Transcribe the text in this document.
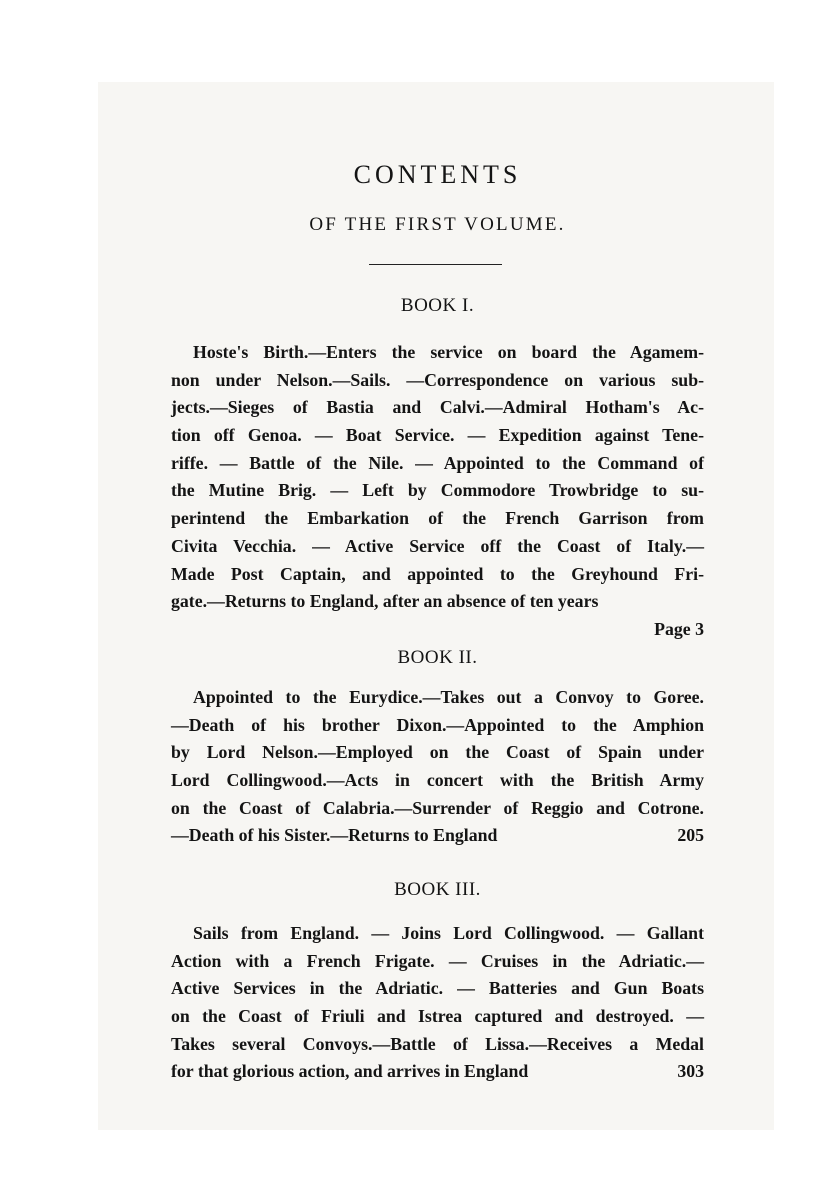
CONTENTS
OF THE FIRST VOLUME.
BOOK I.
Hoste's Birth.—Enters the service on board the Agamem-
non under Nelson.—Sails. —Correspondence on various sub-
jects.—Sieges of Bastia and Calvi.—Admiral Hotham's Ac-
tion off Genoa. — Boat Service. — Expedition against Tene-
riffe. — Battle of the Nile. — Appointed to the Command of
the Mutine Brig. — Left by Commodore Trowbridge to su-
perintend the Embarkation of the French Garrison from
Civita Vecchia. — Active Service off the Coast of Italy.—
Made Post Captain, and appointed to the Greyhound Fri-
gate.—Returns to England, after an absence of ten years
Page 3
BOOK II.
Appointed to the Eurydice.—Takes out a Convoy to Goree.
—Death of his brother Dixon.—Appointed to the Amphion
by Lord Nelson.—Employed on the Coast of Spain under
Lord Collingwood.—Acts in concert with the British Army
on the Coast of Calabria.—Surrender of Reggio and Cotrone.
—Death of his Sister.—Returns to England	205
BOOK III.
Sails from England. — Joins Lord Collingwood. — Gallant
Action with a French Frigate. — Cruises in the Adriatic.—
Active Services in the Adriatic. — Batteries and Gun Boats
on the Coast of Friuli and Istrea captured and destroyed. —
Takes several Convoys.—Battle of Lissa.—Receives a Medal
for that glorious action, and arrives in England	303
